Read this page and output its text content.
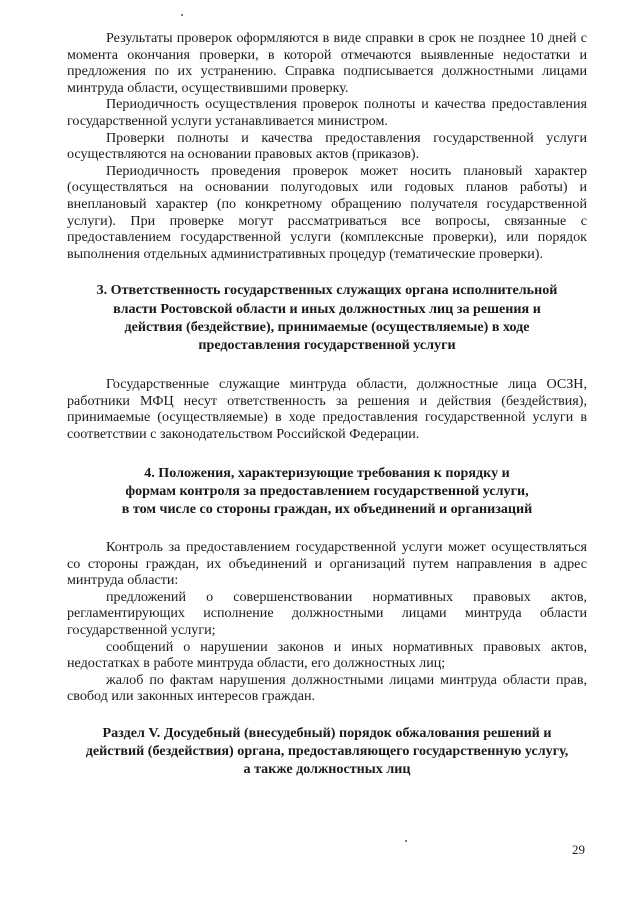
Результаты проверок оформляются в виде справки в срок не позднее 10 дней с момента окончания проверки, в которой отмечаются выявленные недостатки и предложения по их устранению. Справка подписывается должностными лицами минтруда области, осуществившими проверку.

Периодичность осуществления проверок полноты и качества предоставления государственной услуги устанавливается министром.

Проверки полноты и качества предоставления государственной услуги осуществляются на основании правовых актов (приказов).

Периодичность проведения проверок может носить плановый характер (осуществляться на основании полугодовых или годовых планов работы) и внеплановый характер (по конкретному обращению получателя государственной услуги). При проверке могут рассматриваться все вопросы, связанные с предоставлением государственной услуги (комплексные проверки), или порядок выполнения отдельных административных процедур (тематические проверки).

3. Ответственность государственных служащих органа исполнительной
власти Ростовской области и иных должностных лиц за решения и
действия (бездействие), принимаемые (осуществляемые) в ходе
предоставления государственной услуги

Государственные служащие минтруда области, должностные лица ОСЗН, работники МФЦ несут ответственность за решения и действия (бездействия), принимаемые (осуществляемые) в ходе предоставления государственной услуги в соответствии с законодательством Российской Федерации.

4. Положения, характеризующие требования к порядку и
формам контроля за предоставлением государственной услуги,
в том числе со стороны граждан, их объединений и организаций

Контроль за предоставлением государственной услуги может осуществляться со стороны граждан, их объединений и организаций путем направления в адрес минтруда области:

предложений о совершенствовании нормативных правовых актов, регламентирующих исполнение должностными лицами минтруда области государственной услуги;

сообщений о нарушении законов и иных нормативных правовых актов, недостатках в работе минтруда области, его должностных лиц;

жалоб по фактам нарушения должностными лицами минтруда области прав, свобод или законных интересов граждан.

Раздел V. Досудебный (внесудебный) порядок обжалования решений и
действий (бездействия) органа, предоставляющего государственную услугу,
а также должностных лиц
29
